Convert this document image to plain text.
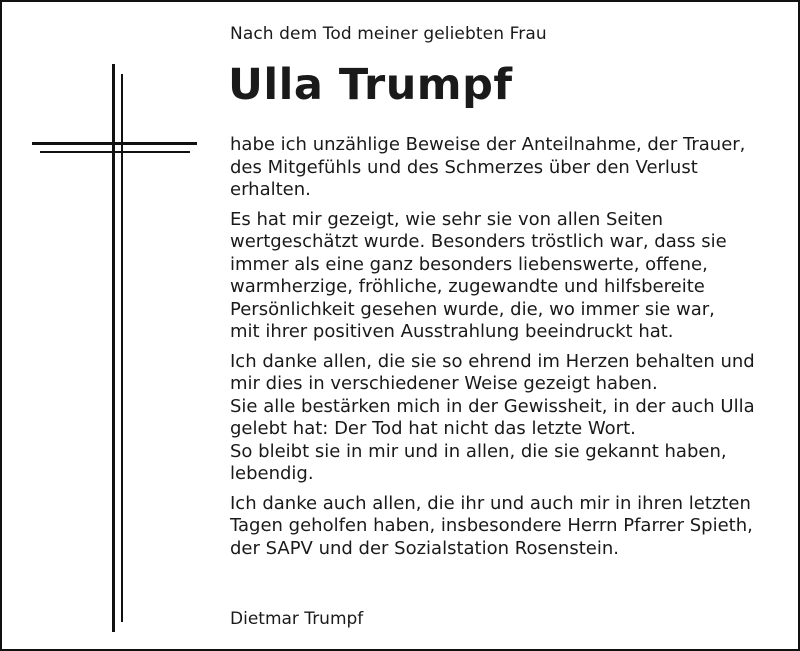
Nach dem Tod meiner geliebten Frau
Ulla Trumpf

habe ich unzählige Beweise der Anteilnahme, der Trauer,
des Mitgefühls und des Schmerzes über den Verlust
erhalten.

Es hat mir gezeigt, wie sehr sie von allen Seiten
wertgeschätzt wurde. Besonders tröstlich war, dass sie
immer als eine ganz besonders liebenswerte, offene,
warmherzige, fröhliche, zugewandte und hilfsbereite
Persönlichkeit gesehen wurde, die, wo immer sie war,
mit ihrer positiven Ausstrahlung beeindruckt hat.

Ich danke allen, die sie so ehrend im Herzen behalten und
mir dies in verschiedener Weise gezeigt haben.
Sie alle bestärken mich in der Gewissheit, in der auch Ulla
gelebt hat: Der Tod hat nicht das letzte Wort.
So bleibt sie in mir und in allen, die sie gekannt haben,
lebendig.

Ich danke auch allen, die ihr und auch mir in ihren letzten
Tagen geholfen haben, insbesondere Herrn Pfarrer Spieth,
der SAPV und der Sozialstation Rosenstein.

Dietmar Trumpf
